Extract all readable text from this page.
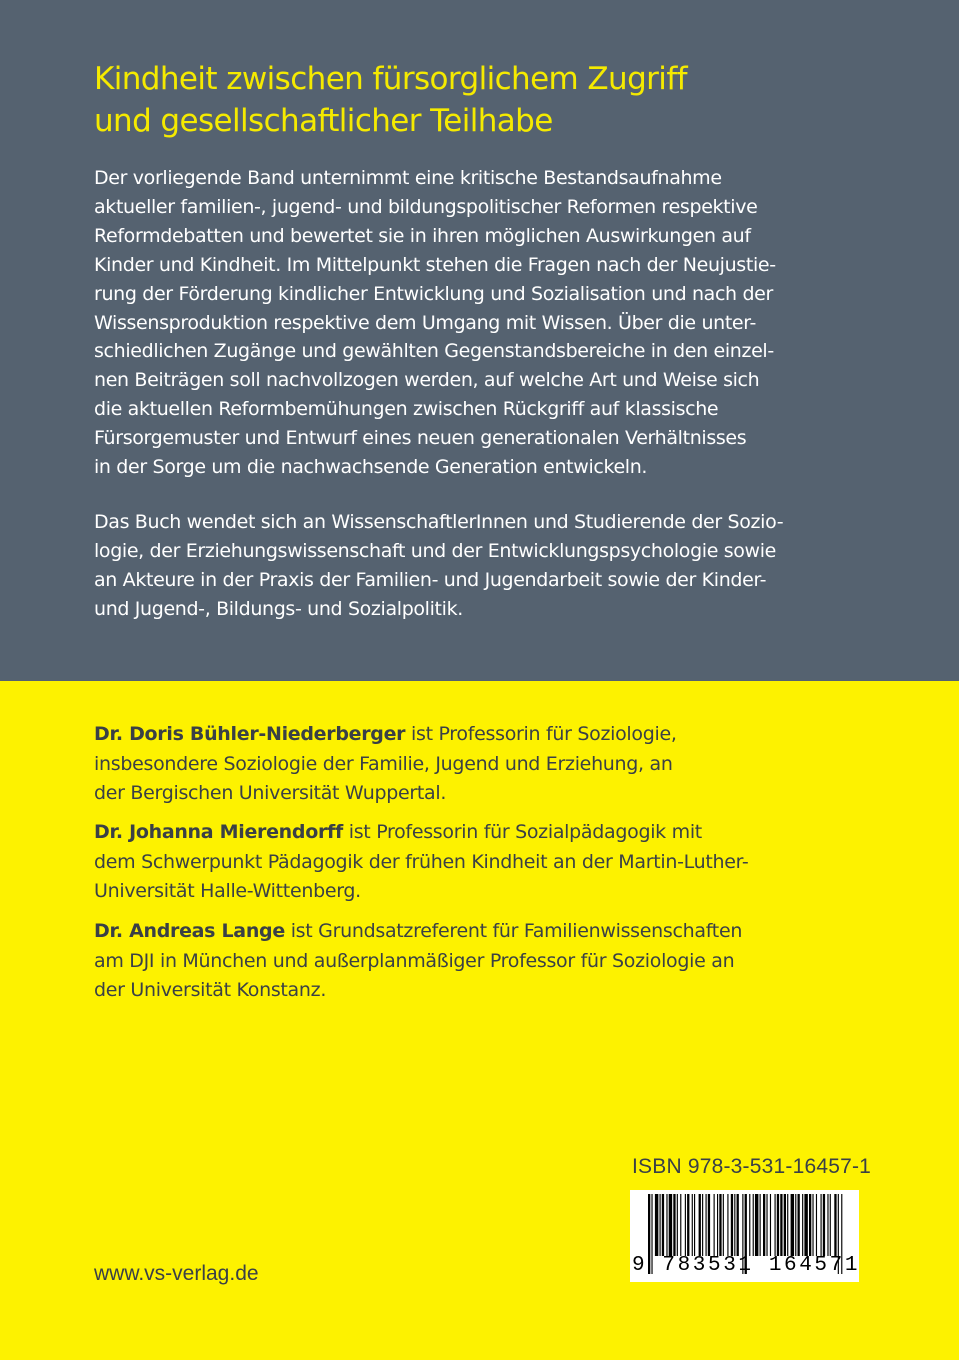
Kindheit zwischen fürsorglichem Zugriff
und gesellschaftlicher Teilhabe
Der vorliegende Band unternimmt eine kritische Bestandsaufnahme
aktueller familien-, jugend- und bildungspolitischer Reformen respektive
Reformdebatten und bewertet sie in ihren möglichen Auswirkungen auf
Kinder und Kindheit. Im Mittelpunkt stehen die Fragen nach der Neujustie-
rung der Förderung kindlicher Entwicklung und Sozialisation und nach der
Wissensproduktion respektive dem Umgang mit Wissen. Über die unter-
schiedlichen Zugänge und gewählten Gegenstandsbereiche in den einzel-
nen Beiträgen soll nachvollzogen werden, auf welche Art und Weise sich
die aktuellen Reformbemühungen zwischen Rückgriff auf klassische
Fürsorgemuster und Entwurf eines neuen generationalen Verhältnisses
in der Sorge um die nachwachsende Generation entwickeln.
Das Buch wendet sich an WissenschaftlerInnen und Studierende der Sozio-
logie, der Erziehungswissenschaft und der Entwicklungspsychologie sowie
an Akteure in der Praxis der Familien- und Jugendarbeit sowie der Kinder-
und Jugend-, Bildungs- und Sozialpolitik.
Dr. Doris Bühler-Niederberger ist Professorin für Soziologie,
insbesondere Soziologie der Familie, Jugend und Erziehung, an
der Bergischen Universität Wuppertal.
Dr. Johanna Mierendorff ist Professorin für Sozialpädagogik mit
dem Schwerpunkt Pädagogik der frühen Kindheit an der Martin-Luther-
Universität Halle-Wittenberg.
Dr. Andreas Lange ist Grundsatzreferent für Familienwissenschaften
am DJI in München und außerplanmäßiger Professor für Soziologie an
der Universität Konstanz.
ISBN 978-3-531-16457-1
9 783531 164571
www.vs-verlag.de
